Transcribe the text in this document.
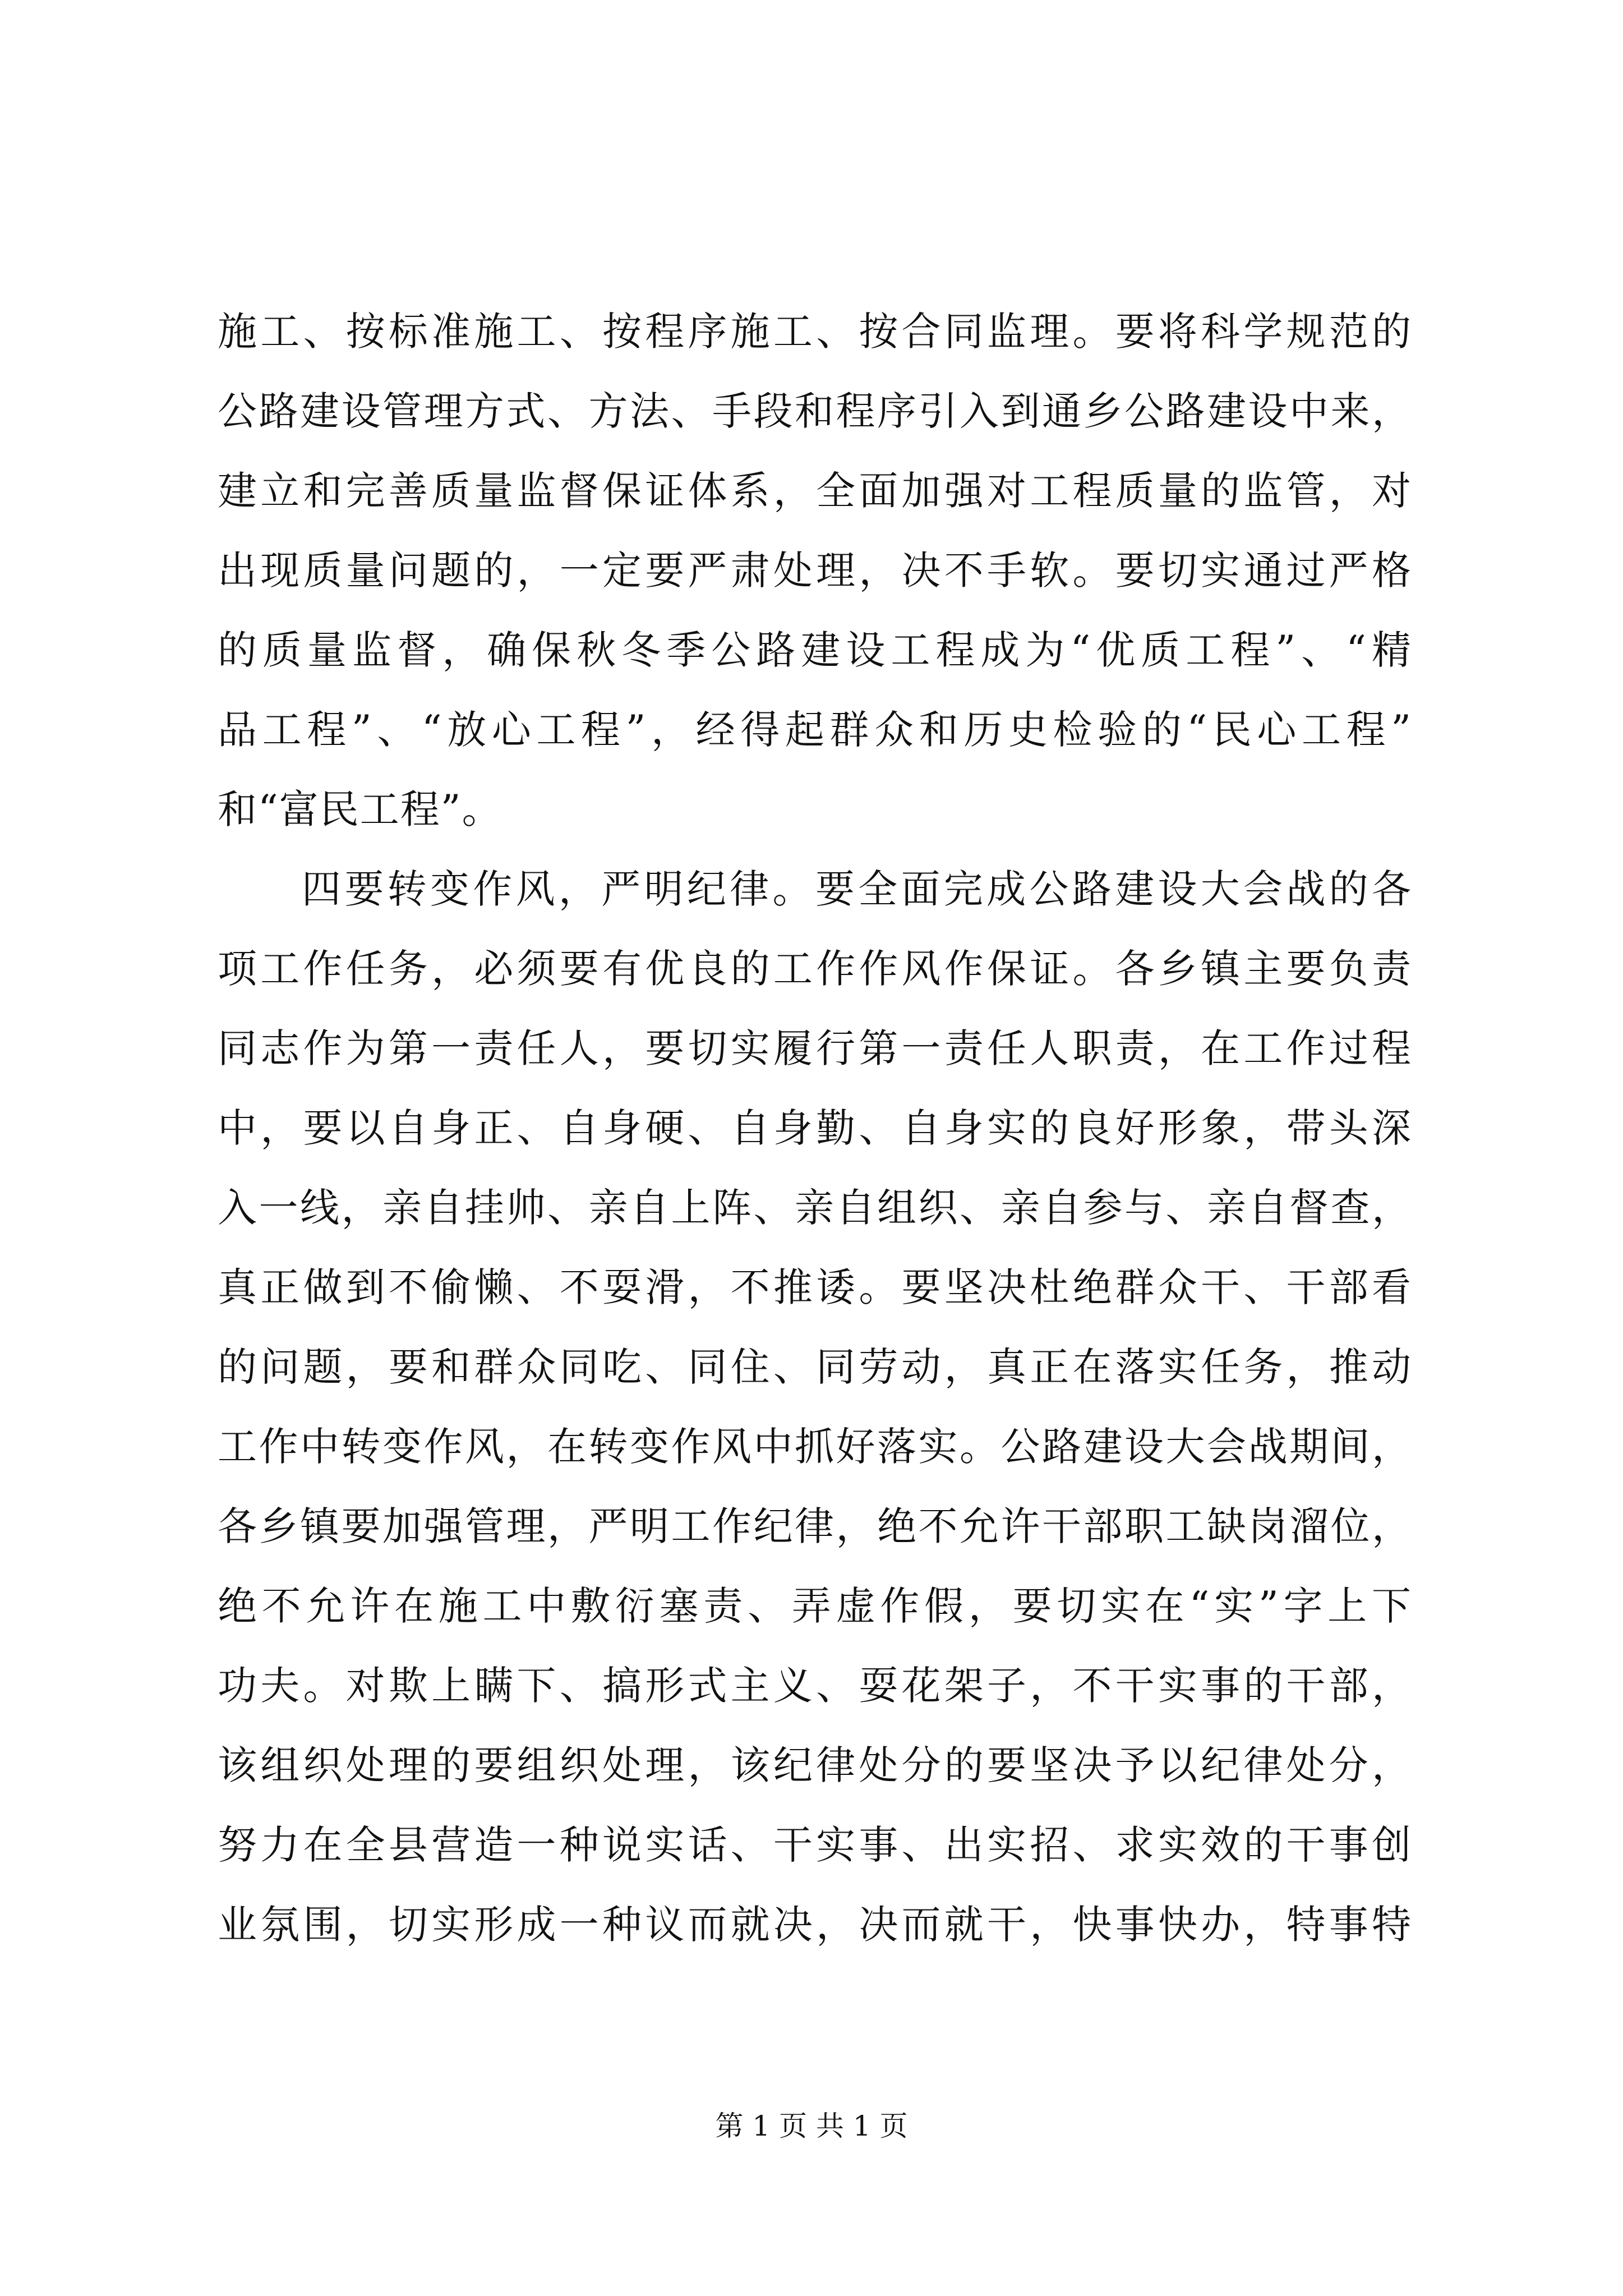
施工、按标准施工、按程序施工、按合同监理。要将科学规范的
公路建设管理方式、方法、手段和程序引入到通乡公路建设中来，
建立和完善质量监督保证体系，全面加强对工程质量的监管，对
出现质量问题的，一定要严肃处理，决不手软。要切实通过严格
的质量监督，确保秋冬季公路建设工程成为“优质工程”、“精
品工程”、“放心工程”，经得起群众和历史检验的“民心工程”
和“富民工程”。
四要转变作风，严明纪律。要全面完成公路建设大会战的各
项工作任务，必须要有优良的工作作风作保证。各乡镇主要负责
同志作为第一责任人，要切实履行第一责任人职责，在工作过程
中，要以自身正、自身硬、自身勤、自身实的良好形象，带头深
入一线，亲自挂帅、亲自上阵、亲自组织、亲自参与、亲自督查，
真正做到不偷懒、不耍滑，不推诿。要坚决杜绝群众干、干部看
的问题，要和群众同吃、同住、同劳动，真正在落实任务，推动
工作中转变作风，在转变作风中抓好落实。公路建设大会战期间，
各乡镇要加强管理，严明工作纪律，绝不允许干部职工缺岗溜位，
绝不允许在施工中敷衍塞责、弄虚作假，要切实在“实”字上下
功夫。对欺上瞒下、搞形式主义、耍花架子，不干实事的干部，
该组织处理的要组织处理，该纪律处分的要坚决予以纪律处分，
努力在全县营造一种说实话、干实事、出实招、求实效的干事创
业氛围，切实形成一种议而就决，决而就干，快事快办，特事特
第 1 页 共 1 页
